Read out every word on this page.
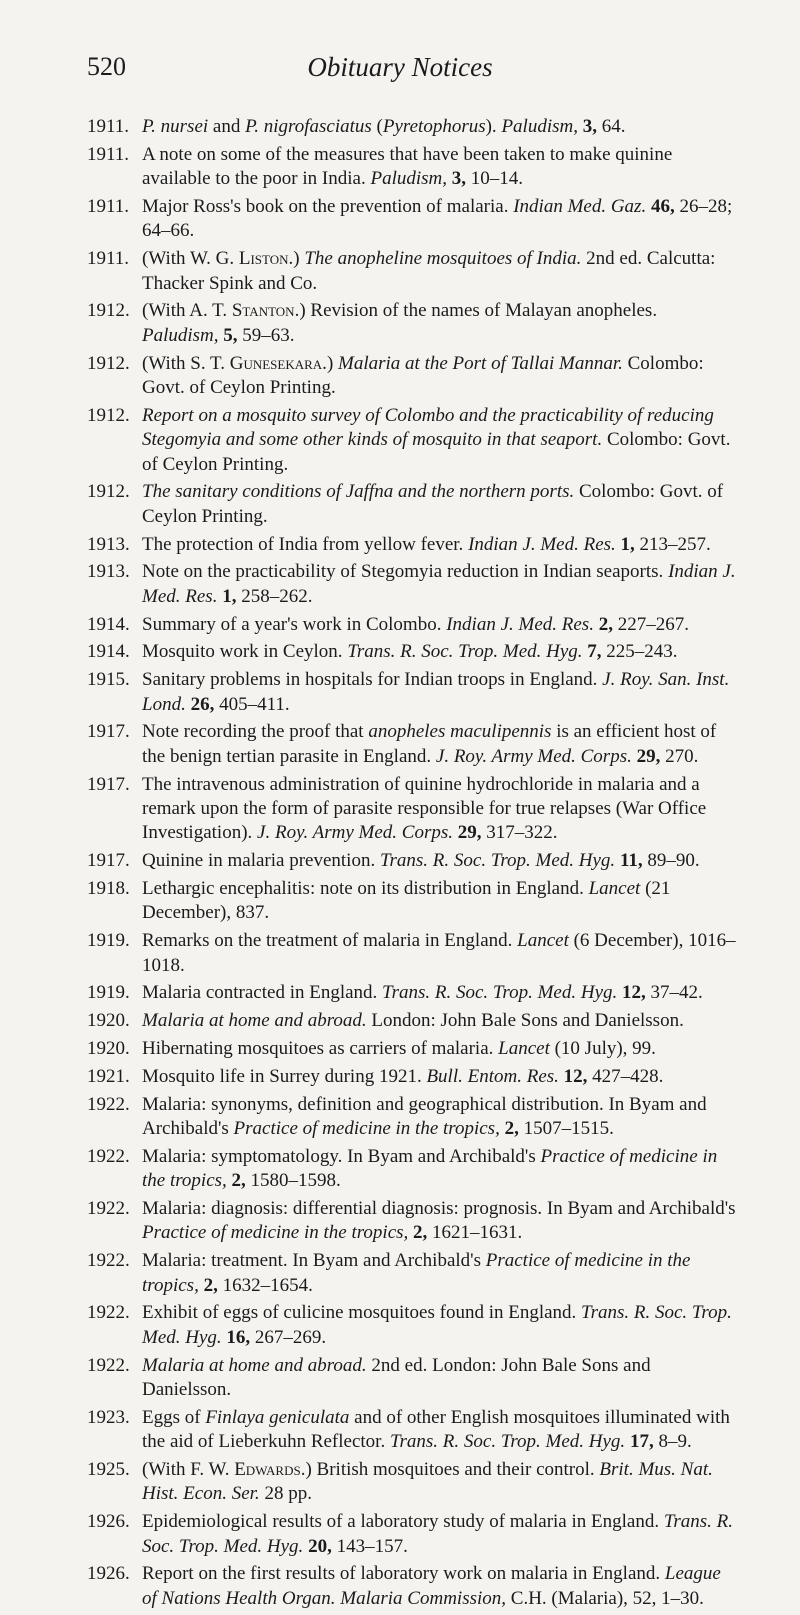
520	Obituary Notices
1911. P. nursei and P. nigrofasciatus (Pyretophorus). Paludism, 3, 64.
1911. A note on some of the measures that have been taken to make quinine available to the poor in India. Paludism, 3, 10–14.
1911. Major Ross's book on the prevention of malaria. Indian Med. Gaz. 46, 26–28; 64–66.
1911. (With W. G. Liston.) The anopheline mosquitoes of India. 2nd ed. Calcutta: Thacker Spink and Co.
1912. (With A. T. Stanton.) Revision of the names of Malayan anopheles. Paludism, 5, 59–63.
1912. (With S. T. Gunesekara.) Malaria at the Port of Tallai Mannar. Colombo: Govt. of Ceylon Printing.
1912. Report on a mosquito survey of Colombo and the practicability of reducing Stegomyia and some other kinds of mosquito in that seaport. Colombo: Govt. of Ceylon Printing.
1912. The sanitary conditions of Jaffna and the northern ports. Colombo: Govt. of Ceylon Printing.
1913. The protection of India from yellow fever. Indian J. Med. Res. 1, 213–257.
1913. Note on the practicability of Stegomyia reduction in Indian seaports. Indian J. Med. Res. 1, 258–262.
1914. Summary of a year's work in Colombo. Indian J. Med. Res. 2, 227–267.
1914. Mosquito work in Ceylon. Trans. R. Soc. Trop. Med. Hyg. 7, 225–243.
1915. Sanitary problems in hospitals for Indian troops in England. J. Roy. San. Inst. Lond. 26, 405–411.
1917. Note recording the proof that anopheles maculipennis is an efficient host of the benign tertian parasite in England. J. Roy. Army Med. Corps. 29, 270.
1917. The intravenous administration of quinine hydrochloride in malaria and a remark upon the form of parasite responsible for true relapses (War Office Investigation). J. Roy. Army Med. Corps. 29, 317–322.
1917. Quinine in malaria prevention. Trans. R. Soc. Trop. Med. Hyg. 11, 89–90.
1918. Lethargic encephalitis: note on its distribution in England. Lancet (21 December), 837.
1919. Remarks on the treatment of malaria in England. Lancet (6 December), 1016–1018.
1919. Malaria contracted in England. Trans. R. Soc. Trop. Med. Hyg. 12, 37–42.
1920. Malaria at home and abroad. London: John Bale Sons and Danielsson.
1920. Hibernating mosquitoes as carriers of malaria. Lancet (10 July), 99.
1921. Mosquito life in Surrey during 1921. Bull. Entom. Res. 12, 427–428.
1922. Malaria: synonyms, definition and geographical distribution. In Byam and Archibald's Practice of medicine in the tropics, 2, 1507–1515.
1922. Malaria: symptomatology. In Byam and Archibald's Practice of medicine in the tropics, 2, 1580–1598.
1922. Malaria: diagnosis: differential diagnosis: prognosis. In Byam and Archibald's Practice of medicine in the tropics, 2, 1621–1631.
1922. Malaria: treatment. In Byam and Archibald's Practice of medicine in the tropics, 2, 1632–1654.
1922. Exhibit of eggs of culicine mosquitoes found in England. Trans. R. Soc. Trop. Med. Hyg. 16, 267–269.
1922. Malaria at home and abroad. 2nd ed. London: John Bale Sons and Danielsson.
1923. Eggs of Finlaya geniculata and of other English mosquitoes illuminated with the aid of Lieberkuhn Reflector. Trans. R. Soc. Trop. Med. Hyg. 17, 8–9.
1925. (With F. W. Edwards.) British mosquitoes and their control. Brit. Mus. Nat. Hist. Econ. Ser. 28 pp.
1926. Epidemiological results of a laboratory study of malaria in England. Trans. R. Soc. Trop. Med. Hyg. 20, 143–157.
1926. Report on the first results of laboratory work on malaria in England. League of Nations Health Organ. Malaria Commission, C.H. (Malaria), 52, 1–30.
